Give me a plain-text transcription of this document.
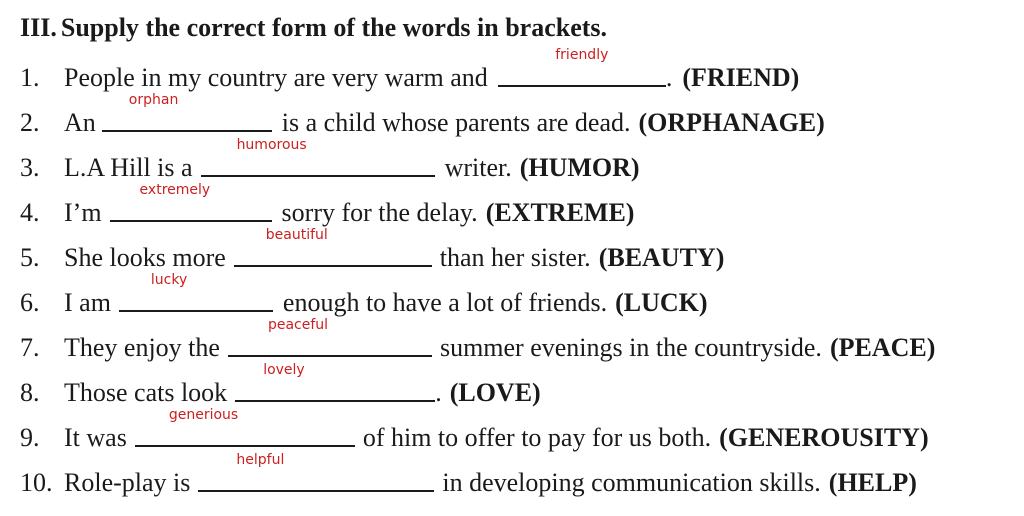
III. Supply the correct form of the words in brackets.
1. People in my country are very warm and
friendly
. (FRIEND)
2. An
orphan
is a child whose parents are dead. (ORPHANAGE)
3. L.A Hill is a
humorous
writer. (HUMOR)
4. I’m
extremely
sorry for the delay. (EXTREME)
5. She looks more
beautiful
than her sister. (BEAUTY)
6. I am
lucky
enough to have a lot of friends. (LUCK)
7. They enjoy the
peaceful
summer evenings in the countryside. (PEACE)
8. Those cats look
lovely
. (LOVE)
9. It was
generious
of him to offer to pay for us both. (GENEROUSITY)
10. Role-play is
helpful
in developing communication skills. (HELP)
